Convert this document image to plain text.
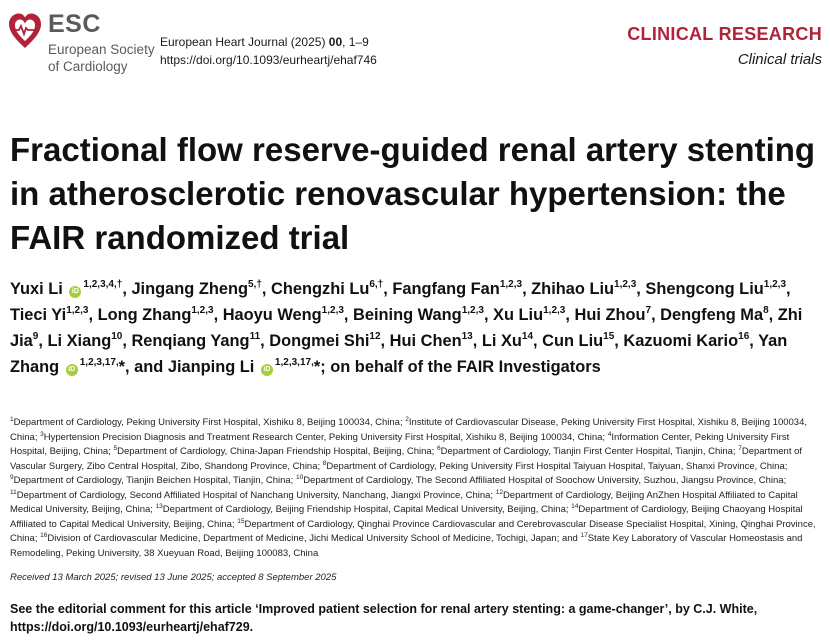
ESC
European Society
of Cardiology
European Heart Journal (2025) 00, 1–9
https://doi.org/10.1093/eurheartj/ehaf746
CLINICAL RESEARCH
Clinical trials
Fractional flow reserve-guided renal artery stenting in atherosclerotic renovascular hypertension: the FAIR randomized trial
Yuxi Li $iD^{1,2,3,4,\dagger}$, Jingang Zheng$^{5,\dagger}$, Chengzhi $Lu^{6,\dagger}$, Fangfang Fan$^{1,2,3}$, Zhihao Liu$^{1,2,3}$, Shengcong Liu$^{1,2,3}$, Tieci Yi$^{1,2,3}$, Long Zhang$^{1,2,3}$, Haoyu Weng$^{1,2,3}$, Beining Wang$^{1,2,3}$, Xu Liu$^{1,2,3}$, Hui Zhou$^7$, Dengfeng Ma$^8$, Zhi Jia$^9$, Li Xiang$^{10}$, Renqiang Yang$^{11}$, Dongmei Shi$^{12}$, Hui Chen$^{13}$, Li Xu$^{14}$, Cun Liu$^{15}$, Kazuomi Kario$^{16}$, Yan Zhang $iD^{1,2,3,17,}*$, and Jianping Li $iD^{1,2,3,17,}*$; on behalf of the FAIR Investigators
$^1$Department of Cardiology, Peking University First Hospital, Xishiku 8, Beijing 100034, China; $^2$Institute of Cardiovascular Disease, Peking University First Hospital, Xishiku 8, Beijing 100034, China; $^3$Hypertension Precision Diagnosis and Treatment Research Center, Peking University First Hospital, Xishiku 8, Beijing 100034, China; $^4$Information Center, Peking University First Hospital, Beijing, China; $^5$Department of Cardiology, China-Japan Friendship Hospital, Beijing, China; $^6$Department of Cardiology, Tianjin First Center Hospital, Tianjin, China; $^7$Department of Vascular Surgery, Zibo Central Hospital, Zibo, Shandong Province, China; $^8$Department of Cardiology, Peking University First Hospital Taiyuan Hospital, Taiyuan, Shanxi Province, China; $^9$Department of Cardiology, Tianjin Beichen Hospital, Tianjin, China; $^{10}$Department of Cardiology, The Second Affiliated Hospital of Soochow University, Suzhou, Jiangsu Province, China; $^{11}$Department of Cardiology, Second Affiliated Hospital of Nanchang University, Nanchang, Jiangxi Province, China; $^{12}$Department of Cardiology, Beijing AnZhen Hospital Affiliated to Capital Medical University, Beijing, China; $^{13}$Department of Cardiology, Beijing Friendship Hospital, Capital Medical University, Beijing, China; $^{14}$Department of Cardiology, Beijing Chaoyang Hospital Affiliated to Capital Medical University, Beijing, China; $^{15}$Department of Cardiology, Qinghai Province Cardiovascular and Cerebrovascular Disease Specialist Hospital, Xining, Qinghai Province, China; $^{16}$Division of Cardiovascular Medicine, Department of Medicine, Jichi Medical University School of Medicine, Tochigi, Japan; and $^{17}$State Key Laboratory of Vascular Homeostasis and Remodeling, Peking University, 38 Xueyuan Road, Beijing 100083, China
Received 13 March 2025; revised 13 June 2025; accepted 8 September 2025
See the editorial comment for this article ‘Improved patient selection for renal artery stenting: a game-changer’, by C.J. White, https://doi.org/10.1093/eurheartj/ehaf729.
